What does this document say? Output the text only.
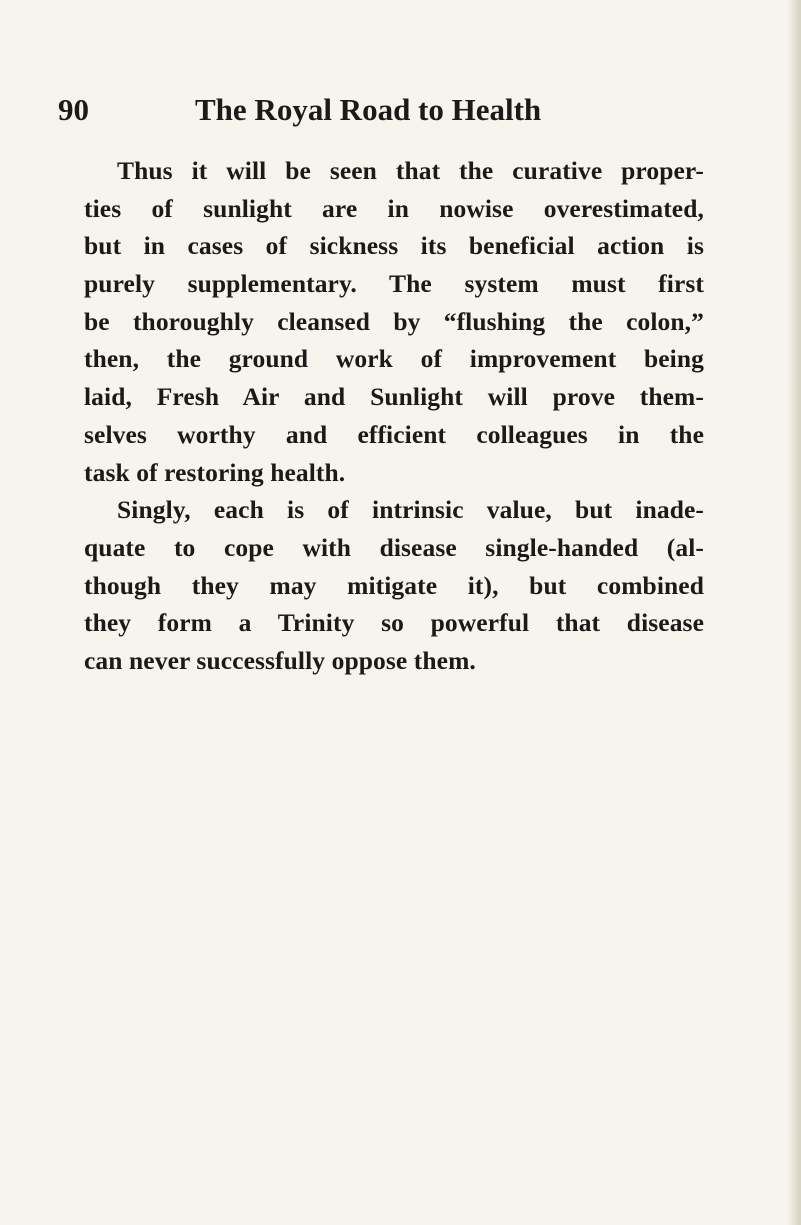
90	The Royal Road to Health
Thus it will be seen that the curative proper-
ties of sunlight are in nowise overestimated,
but in cases of sickness its beneficial action is
purely supplementary. The system must first
be thoroughly cleansed by “flushing the colon,”
then, the ground work of improvement being
laid, Fresh Air and Sunlight will prove them-
selves worthy and efficient colleagues in the
task of restoring health.
Singly, each is of intrinsic value, but inade-
quate to cope with disease single-handed (al-
though they may mitigate it), but combined
they form a Trinity so powerful that disease
can never successfully oppose them.
